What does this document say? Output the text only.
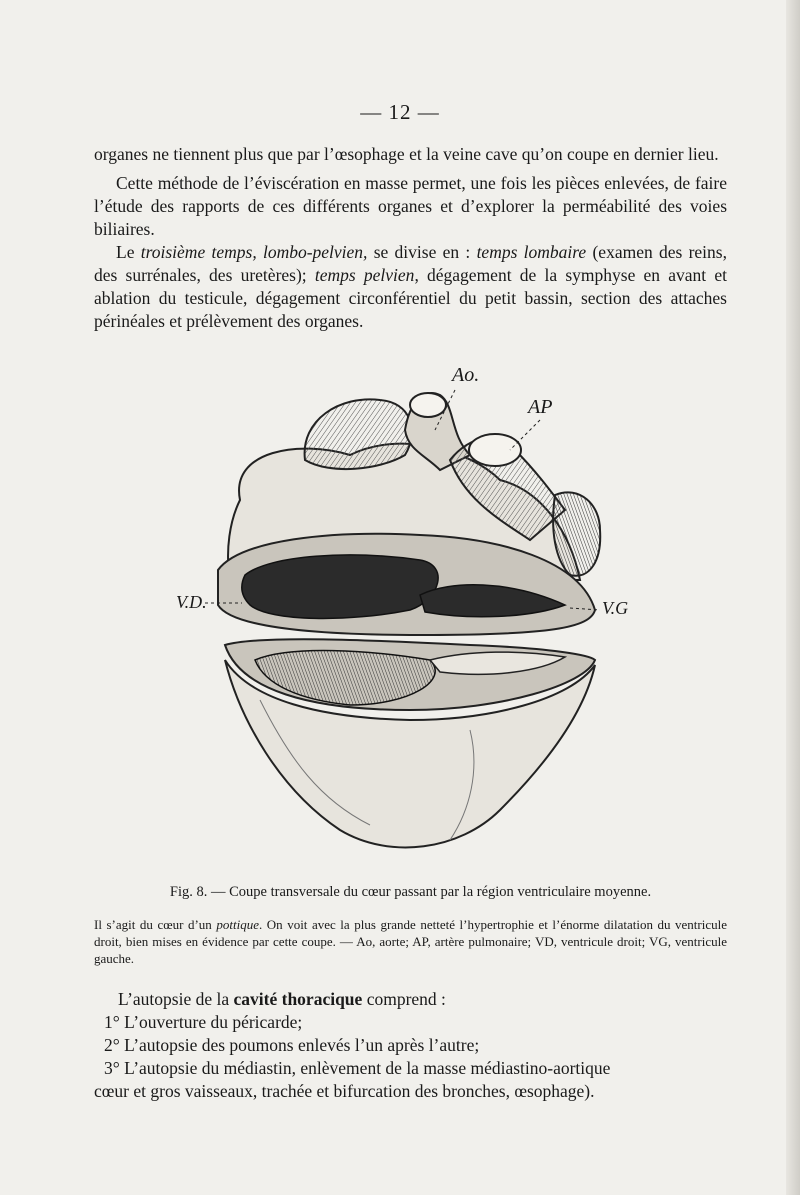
— 12 —

organes ne tiennent plus que par l’œsophage et la veine cave qu’on coupe en dernier lieu.

Cette méthode de l’éviscération en masse permet, une fois les pièces enlevées, de faire l’étude des rapports de ces différents organes et d’explorer la perméabilité des voies biliaires.

Le troisième temps, lombo-pelvien, se divise en : temps lombaire (examen des reins, des surrénales, des uretères); temps pelvien, dégagement de la symphyse en avant et ablation du testicule, dégagement circonférentiel du petit bassin, section des attaches périnéales et prélèvement des organes.

Ao.
AP
V.D.	V.G
Fig. 8. — Coupe transversale du cœur passant par la région ventriculaire moyenne.
Il s’agit du cœur d’un pottique. On voit avec la plus grande netteté l’hypertrophie et l’énorme dilatation du ventricule droit, bien mises en évidence par cette coupe. — Ao, aorte; AP, artère pulmonaire; VD, ventricule droit; VG, ventricule gauche.

L’autopsie de la cavité thoracique comprend :

1° L’ouverture du péricarde;

2° L’autopsie des poumons enlevés l’un après l’autre;

3° L’autopsie du médiastin, enlèvement de la masse médiastino-aortique

cœur et gros vaisseaux, trachée et bifurcation des bronches, œsophage).
